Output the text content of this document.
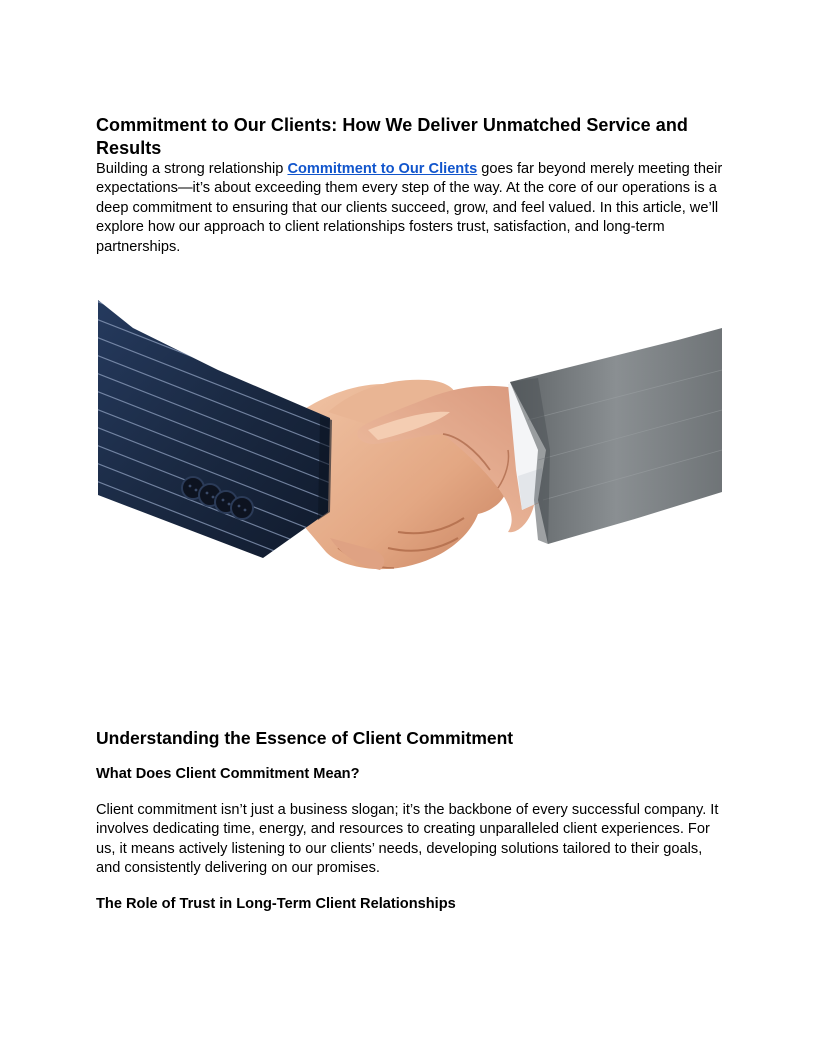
Commitment to Our Clients: How We Deliver Unmatched Service and Results

Building a strong relationship Commitment to Our Clients goes far beyond merely meeting their expectations—it’s about exceeding them every step of the way. At the core of our operations is a deep commitment to ensuring that our clients succeed, grow, and feel valued. In this article, we’ll explore how our approach to client relationships fosters trust, satisfaction, and long-term partnerships.

Understanding the Essence of Client Commitment
What Does Client Commitment Mean?

Client commitment isn’t just a business slogan; it’s the backbone of every successful company. It involves dedicating time, energy, and resources to creating unparalleled client experiences. For us, it means actively listening to our clients’ needs, developing solutions tailored to their goals, and consistently delivering on our promises.

The Role of Trust in Long-Term Client Relationships
